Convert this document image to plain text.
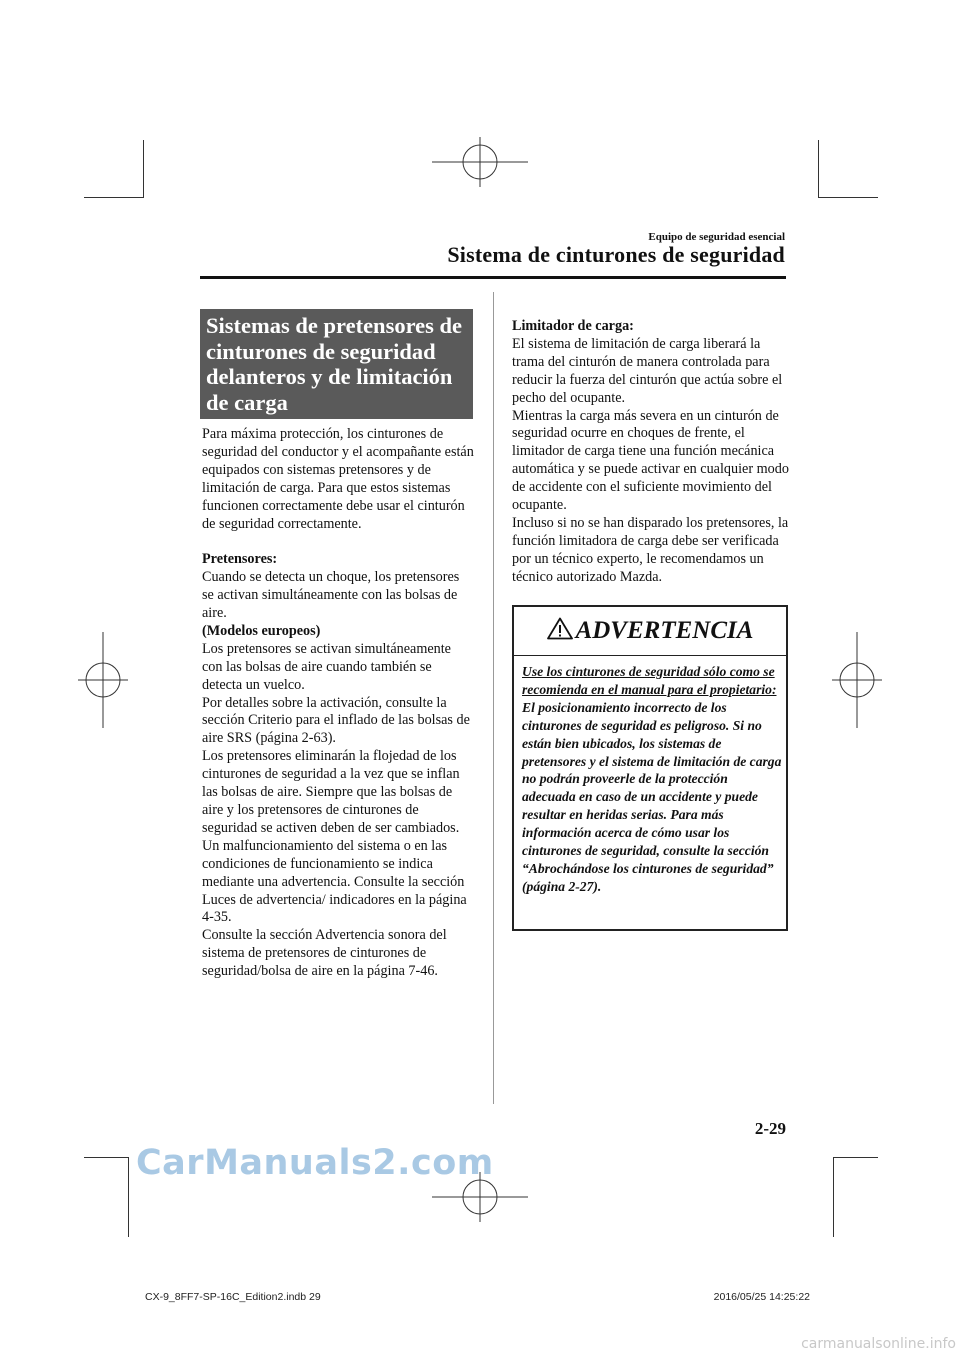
Equipo de seguridad esencial
Sistema de cinturones de seguridad
Sistemas de pretensores de cinturones de seguridad delanteros y de limitación de carga

Para máxima protección, los cinturones de seguridad del conductor y el acompañante están equipados con sistemas pretensores y de limitación de carga. Para que estos sistemas funcionen correctamente debe usar el cinturón de seguridad correctamente.

Pretensores:

Cuando se detecta un choque, los pretensores se activan simultáneamente con las bolsas de aire.

(Modelos europeos)

Los pretensores se activan simultáneamente con las bolsas de aire cuando también se detecta un vuelco.

Por detalles sobre la activación, consulte la sección Criterio para el inflado de las bolsas de aire SRS (página 2-63).

Los pretensores eliminarán la flojedad de los cinturones de seguridad a la vez que se inflan las bolsas de aire. Siempre que las bolsas de aire y los pretensores de cinturones de seguridad se activen deben de ser cambiados.

Un malfuncionamiento del sistema o en las condiciones de funcionamiento se indica mediante una advertencia. Consulte la sección Luces de advertencia/ indicadores en la página 4-35.

Consulte la sección Advertencia sonora del sistema de pretensores de cinturones de seguridad/bolsa de aire en la página 7-46.

Limitador de carga:

El sistema de limitación de carga liberará la trama del cinturón de manera controlada para reducir la fuerza del cinturón que actúa sobre el pecho del ocupante.

Mientras la carga más severa en un cinturón de seguridad ocurre en choques de frente, el limitador de carga tiene una función mecánica automática y se puede activar en cualquier modo de accidente con el suficiente movimiento del ocupante.

Incluso si no se han disparado los pretensores, la función limitadora de carga debe ser verificada por un técnico experto, le recomendamos un técnico autorizado Mazda.

ADVERTENCIA

Use los cinturones de seguridad sólo como se recomienda en el manual para el propietario:

El posicionamiento incorrecto de los cinturones de seguridad es peligroso. Si no están bien ubicados, los sistemas de pretensores y el sistema de limitación de carga no podrán proveerle de la protección adecuada en caso de un accidente y puede resultar en heridas serias. Para más información acerca de cómo usar los cinturones de seguridad, consulte la sección “Abrochándose los cinturones de seguridad” (página 2-27).

2-29
CarManuals2.com
CX-9_8FF7-SP-16C_Edition2.indb 29	2016/05/25 14:25:22
carmanualsonline.info
